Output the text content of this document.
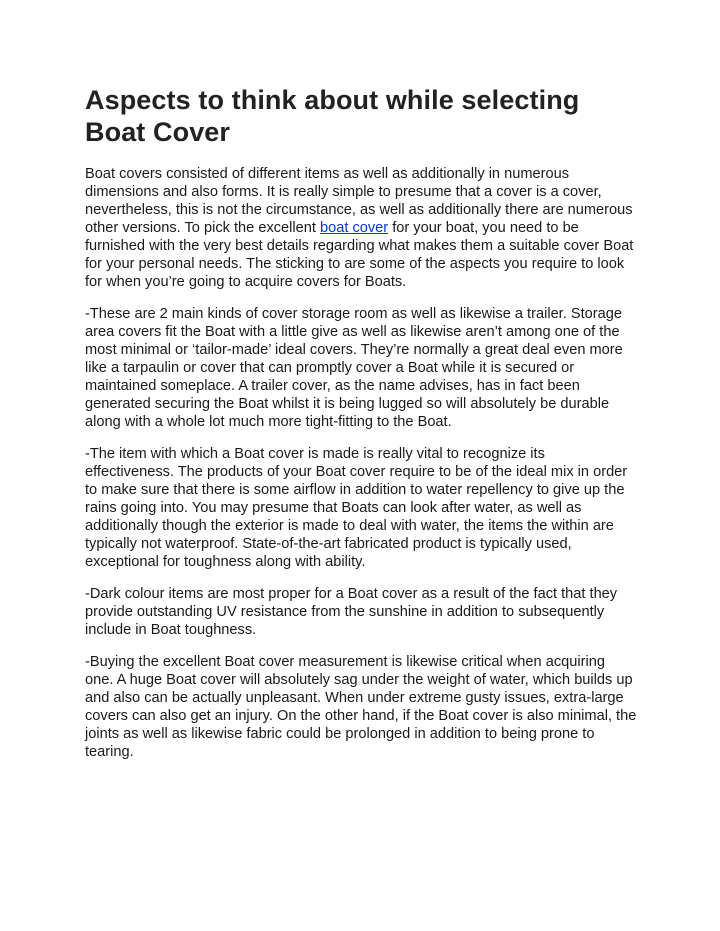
Aspects to think about while selecting Boat Cover

Boat covers consisted of different items as well as additionally in numerous dimensions and also forms. It is really simple to presume that a cover is a cover, nevertheless, this is not the circumstance, as well as additionally there are numerous other versions. To pick the excellent boat cover for your boat, you need to be furnished with the very best details regarding what makes them a suitable cover Boat for your personal needs. The sticking to are some of the aspects you require to look for when you’re going to acquire covers for Boats.

-These are 2 main kinds of cover storage room as well as likewise a trailer. Storage area covers fit the Boat with a little give as well as likewise aren’t among one of the most minimal or ‘tailor-made’ ideal covers. They’re normally a great deal even more like a tarpaulin or cover that can promptly cover a Boat while it is secured or maintained someplace. A trailer cover, as the name advises, has in fact been generated securing the Boat whilst it is being lugged so will absolutely be durable along with a whole lot much more tight-fitting to the Boat.

-The item with which a Boat cover is made is really vital to recognize its effectiveness. The products of your Boat cover require to be of the ideal mix in order to make sure that there is some airflow in addition to water repellency to give up the rains going into. You may presume that Boats can look after water, as well as additionally though the exterior is made to deal with water, the items the within are typically not waterproof. State-of-the-art fabricated product is typically used, exceptional for toughness along with ability.

-Dark colour items are most proper for a Boat cover as a result of the fact that they provide outstanding UV resistance from the sunshine in addition to subsequently include in Boat toughness.

-Buying the excellent Boat cover measurement is likewise critical when acquiring one. A huge Boat cover will absolutely sag under the weight of water, which builds up and also can be actually unpleasant. When under extreme gusty issues, extra-large covers can also get an injury. On the other hand, if the Boat cover is also minimal, the joints as well as likewise fabric could be prolonged in addition to being prone to tearing.
